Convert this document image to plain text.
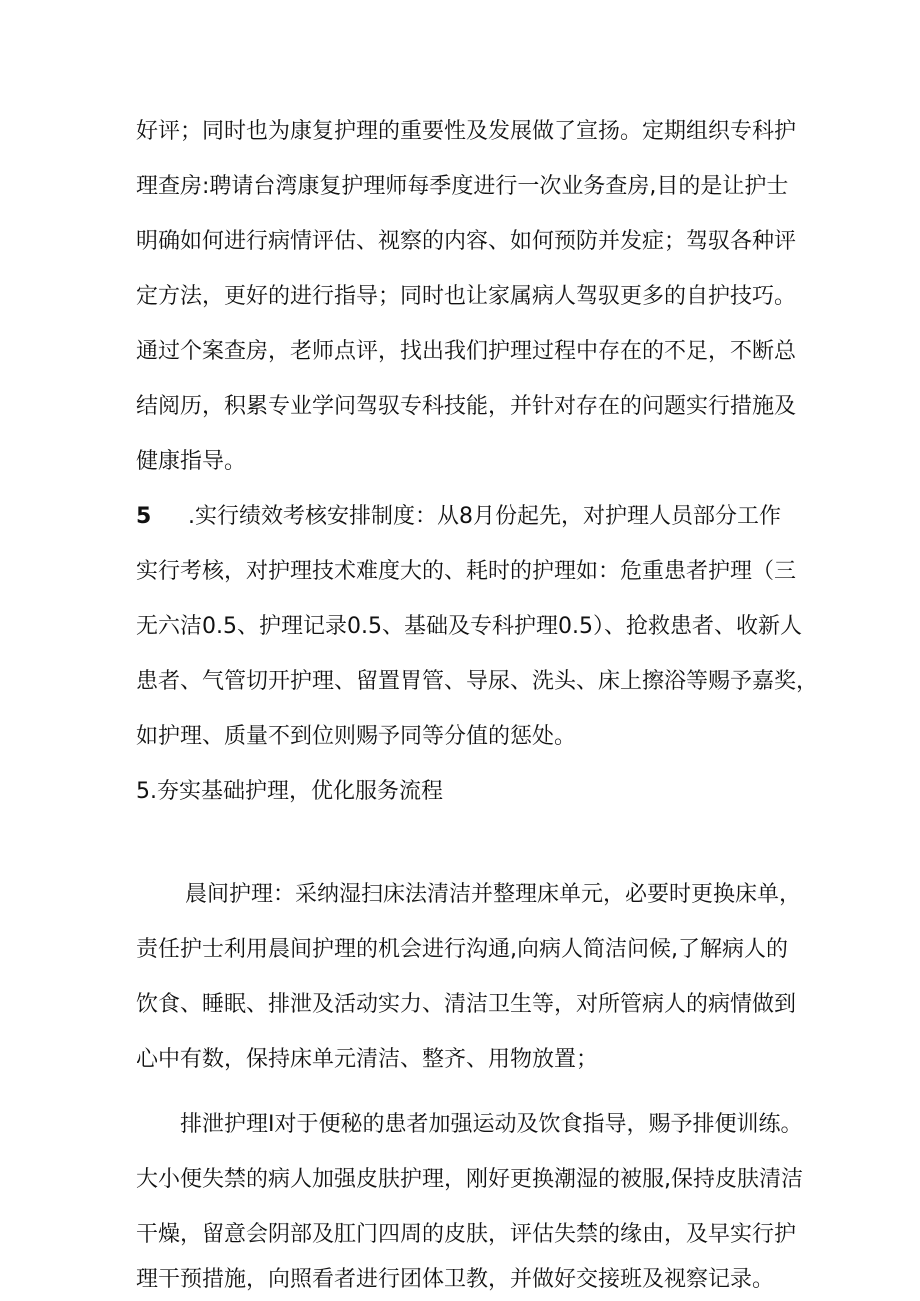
好评；同时也为康复护理的重要性及发展做了宣扬。定期组织专科护
理查房:聘请台湾康复护理师每季度进行一次业务查房,目的是让护士
明确如何进行病情评估、视察的内容、如何预防并发症；驾驭各种评
定方法，更好的进行指导；同时也让家属病人驾驭更多的自护技巧。
通过个案查房，老师点评，找出我们护理过程中存在的不足，不断总
结阅历，积累专业学问驾驭专科技能，并针对存在的问题实行措施及
健康指导。
5 .实行绩效考核安排制度：从8月份起先，对护理人员部分工作
实行考核，对护理技术难度大的、耗时的护理如：危重患者护理（三
无六洁0.5、护理记录0.5、基础及专科护理0.5）、抢救患者、收新人
患者、气管切开护理、留置胃管、导尿、洗头、床上擦浴等赐予嘉奖，
如护理、质量不到位则赐予同等分值的惩处。
5.夯实基础护理，优化服务流程
晨间护理：采纳湿扫床法清洁并整理床单元，必要时更换床单，
责任护士利用晨间护理的机会进行沟通,向病人简洁问候,了解病人的
饮食、睡眠、排泄及活动实力、清洁卫生等，对所管病人的病情做到
心中有数，保持床单元清洁、整齐、用物放置；
排泄护理I对于便秘的患者加强运动及饮食指导，赐予排便训练。
大小便失禁的病人加强皮肤护理，刚好更换潮湿的被服,保持皮肤清洁
干燥，留意会阴部及肛门四周的皮肤，评估失禁的缘由，及早实行护
理干预措施，向照看者进行团体卫教，并做好交接班及视察记录。
